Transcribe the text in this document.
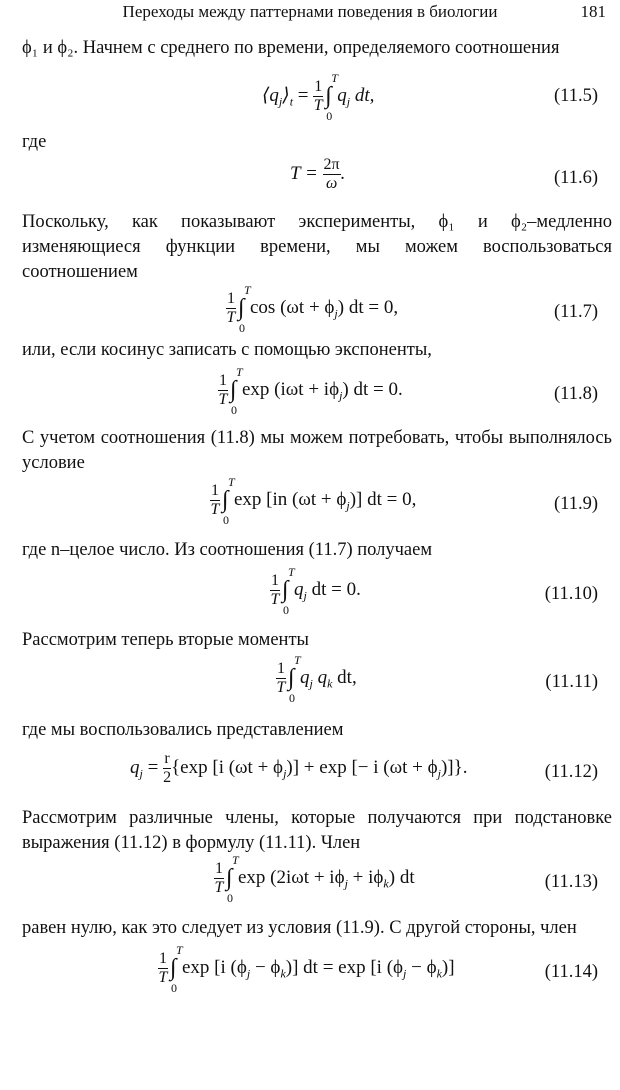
Переходы между паттернами поведения в биологии	181
ϕ₁ и ϕ₂. Начнем с среднего по времени, определяемого соотношения
$⟨q_j⟩_t = \frac{1}{T}$ ∫
T
0
$q_j$ dt,	(11.5)
где
$T = \frac{2\pi}{\omega}$ .	(11.6)
Поскольку, как показывают эксперименты, ϕ₁ и ϕ₂–медленно изменяющиеся функции времени, мы можем воспользоваться соотношением
$\frac{1}{T}$ ∫
T
0
$\cos (\omega t + \phi_j)$ dt = 0,	(11.7)
или, если косинус записать с помощью экспоненты,
$\frac{1}{T}$ ∫
T
0
$\exp (i\omega t + i\phi_j)$ dt = 0.	(11.8)
С учетом соотношения (11.8) мы можем потребовать, чтобы выполнялось условие
$\frac{1}{T}$ ∫
T
0
exp [in $(\omega t + \phi_j)$] dt = 0,	(11.9)
где n–целое число. Из соотношения (11.7) получаем
$\frac{1}{T}$ ∫
T
0
$q_j$ dt = 0.	(11.10)
Рассмотрим теперь вторые моменты
$\frac{1}{T}$ ∫
T
0
$q_j$ $q_k$ dt,	(11.11)
где мы воспользовались представлением
$q_j = \frac{r}{2} \{\exp$ [i $(\omega t + \phi_j)] + \exp$ [− i $(\omega t + \phi_j)$]}.	(11.12)
Рассмотрим различные члены, которые получаются при подстановке выражения (11.12) в формулу (11.11). Член
$\frac{1}{T}$ ∫
T
0
$\exp (2i\omega t + i\phi_j + i\phi_k)$ dt	(11.13)
равен нулю, как это следует из условия (11.9). С другой стороны, член
$\frac{1}{T}$ ∫
T
0
exp [i $(\phi_j - \phi_k)$] dt = exp [i $(\phi_j - \phi_k)$]	(11.14)
